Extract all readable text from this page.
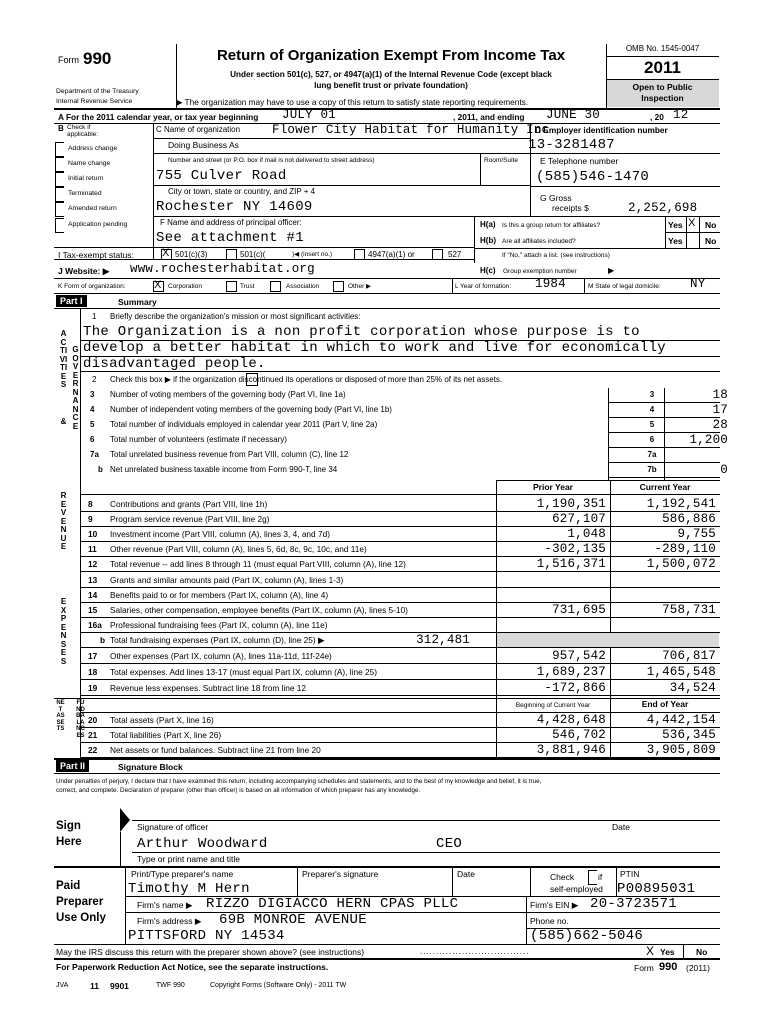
Form 990
Department of the Treasury
Internal Revenue Service
Return of Organization Exempt From Income Tax
Under section 501(c), 527, or 4947(a)(1) of the Internal Revenue Code (except black
lung benefit trust or private foundation)
▶ The organization may have to use a copy of this return to satisfy state reporting requirements.
OMB No. 1545-0047
2011
Open to Public
Inspection
A For the 2011 calendar year, or tax year beginning JULY 01	, 2011, and ending JUNE 30	, 20 12
B Check if
applicable:
Address change
Name change
Initial return
Terminated
Amended return
Application pending
C Name of organization	Flower City Habitat for Humanity Inc
Doing Business As
Number and street (or P.O. box if mail is not delivered to street address)	Room/Suite
755 Culver Road
City or town, state or country, and ZIP + 4
Rochester NY 14609
F Name and address of principal officer:
See attachment #1
D Employer identification number
13-3281487
E Telephone number
(585)546-1470
G Gross
receipts $	2,252,698
H(a) Is this a group return for affiliates?	Yes X No
H(b) Are all affiliates included?	Yes	No
If "No," attach a list. (see instructions)
I Tax-exempt status:	X 501(c)(3)	501(c)(	)◀ (insert no.)	4947(a)(1) or	527
J Website: ▶ www.rochesterhabitat.org	H(c) Group exemption number	▶
K Form of organization:	X Corporation	Trust	Association	Other ▶	L Year of formation: 1984	M State of legal domicile: NY
Part I	Summary
1 Briefly describe the organization's mission or most significant activities:
The Organization is a non profit corporation whose purpose is to
develop a better habitat in which to work and live for economically
disadvantaged people.
ACTIVITIES
&
GOVERNANCE
REVENUE
EXPENSES
NET ASSETS
FUNDBALANCES
2 Check this box ▶ if the organization discontinued its operations or disposed of more than 25% of its net assets.
3 Number of voting members of the governing body (Part VI, line 1a)	3	18
4 Number of independent voting members of the governing body (Part VI, line 1b)	4	17
5 Total number of individuals employed in calendar year 2011 (Part V, line 2a)	5	28
6 Total number of volunteers (estimate if necessary)	6	1,200
7a Total unrelated business revenue from Part VIII, column (C), line 12	7a
b Net unrelated business taxable income from Form 990-T, line 34	7b	0
Prior Year	Current Year
8 Contributions and grants (Part VIII, line 1h)	1,190,351	1,192,541
9 Program service revenue (Part VIII, line 2g)	627,107	586,886
10 Investment income (Part VIII, column (A), lines 3, 4, and 7d)	1,048	9,755
11 Other revenue (Part VIII, column (A), lines 5, 6d, 8c, 9c, 10c, and 11e)	-302,135	-289,110
12 Total revenue -- add lines 8 through 11 (must equal Part VIII, column (A), line 12)	1,516,371	1,500,072
13 Grants and similar amounts paid (Part IX, column (A), lines 1-3)
14 Benefits paid to or for members (Part IX, column (A), line 4)
15 Salaries, other compensation, employee benefits (Part IX, column (A), lines 5-10)	731,695	758,731
16a Professional fundraising fees (Part IX, column (A), line 11e)
b Total fundraising expenses (Part IX, column (D), line 25) ▶	312,481
17 Other expenses (Part IX, column (A), lines 11a-11d, 11f-24e)	957,542	706,817
18 Total expenses. Add lines 13-17 (must equal Part IX, column (A), line 25)	1,689,237	1,465,548
19 Revenue less expenses. Subtract line 18 from line 12	-172,866	34,524
Beginning of Current Year	End of Year
20 Total assets (Part X, line 16)	4,428,648	4,442,154
21 Total liabilities (Part X, line 26)	546,702	536,345
22 Net assets or fund balances. Subtract line 21 from line 20	3,881,946	3,905,809
Part II	Signature Block
Under penalties of perjury, I declare that I have examined this return, including accompanying schedules and statements, and to the best of my knowledge and belief, it is true,
correct, and complete. Declaration of preparer (other than officer) is based on all information of which preparer has any knowledge.
Sign
Here
Signature of officer	Date
Arthur Woodward	CEO
Type or print name and title
Paid
Preparer
Use Only
Print/Type preparer's name	Preparer's signature	Date	Check	if
self-employed
PTIN
P00895031
Timothy M Hern
Firm's name ▶ RIZZO DIGIACCO HERN CPAS PLLC	Firm's EIN ▶ 20-3723571
Firm's address ▶ 69B MONROE AVENUE	Phone no.
PITTSFORD NY 14534	(585)662-5046
May the IRS discuss this return with the preparer shown above? (see instructions)	..................................	X Yes	No
For Paperwork Reduction Act Notice, see the separate instructions.	Form 990 (2011)
JVA	11 9901	TWF 990	Copyright Forms (Software Only) - 2011 TW
